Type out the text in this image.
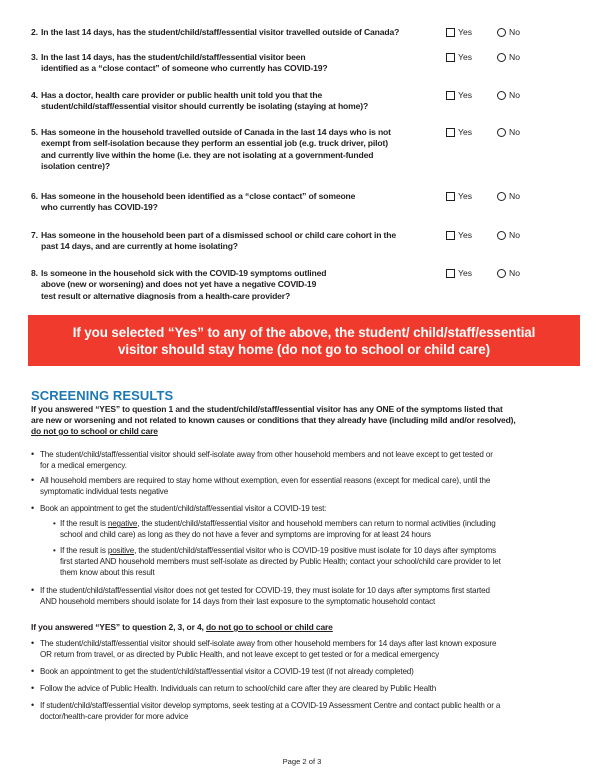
2. In the last 14 days, has the student/child/staff/essential visitor travelled outside of Canada?	Yes	No
3. In the last 14 days, has the student/child/staff/essential visitor been
identified as a “close contact” of someone who currently has COVID-19?
Yes	No
4. Has a doctor, health care provider or public health unit told you that the
student/child/staff/essential visitor should currently be isolating (staying at home)?
Yes	No
5. Has someone in the household travelled outside of Canada in the last 14 days who is not
exempt from self-isolation because they perform an essential job (e.g. truck driver, pilot)
and currently live within the home (i.e. they are not isolating at a government-funded
isolation centre)?
Yes	No
6. Has someone in the household been identified as a “close contact” of someone
who currently has COVID-19?
Yes	No
7. Has someone in the household been part of a dismissed school or child care cohort in the
past 14 days, and are currently at home isolating?
Yes	No
8. Is someone in the household sick with the COVID-19 symptoms outlined
above (new or worsening) and does not yet have a negative COVID-19
test result or alternative diagnosis from a health-care provider?
Yes	No
If you selected “Yes” to any of the above, the student/ child/staff/essential
visitor should stay home (do not go to school or child care)
SCREENING RESULTS
If you answered “YES” to question 1 and the student/child/staff/essential visitor has any ONE of the symptoms listed that
are new or worsening and not related to known causes or conditions that they already have (including mild and/or resolved),
do not go to school or child care
• The student/child/staff/essential visitor should self-isolate away from other household members and not leave except to get tested or
for a medical emergency.
• All household members are required to stay home without exemption, even for essential reasons (except for medical care), until the
symptomatic individual tests negative
• Book an appointment to get the student/child/staff/essential visitor a COVID-19 test:
• If the result is negative, the student/child/staff/essential visitor and household members can return to normal activities (including
school and child care) as long as they do not have a fever and symptoms are improving for at least 24 hours
• If the result is positive, the student/child/staff/essential visitor who is COVID-19 positive must isolate for 10 days after symptoms
first started AND household members must self-isolate as directed by Public Health; contact your school/child care provider to let
them know about this result
• If the student/child/staff/essential visitor does not get tested for COVID-19, they must isolate for 10 days after symptoms first started
AND household members should isolate for 14 days from their last exposure to the symptomatic household contact
If you answered “YES” to question 2, 3, or 4, do not go to school or child care
• The student/child/staff/essential visitor should self-isolate away from other household members for 14 days after last known exposure
OR return from travel, or as directed by Public Health, and not leave except to get tested or for a medical emergency
• Book an appointment to get the student/child/staff/essential visitor a COVID-19 test (if not already completed)
• Follow the advice of Public Health. Individuals can return to school/child care after they are cleared by Public Health
• If student/child/staff/essential visitor develop symptoms, seek testing at a COVID-19 Assessment Centre and contact public health or a
doctor/health-care provider for more advice
Page 2 of 3
